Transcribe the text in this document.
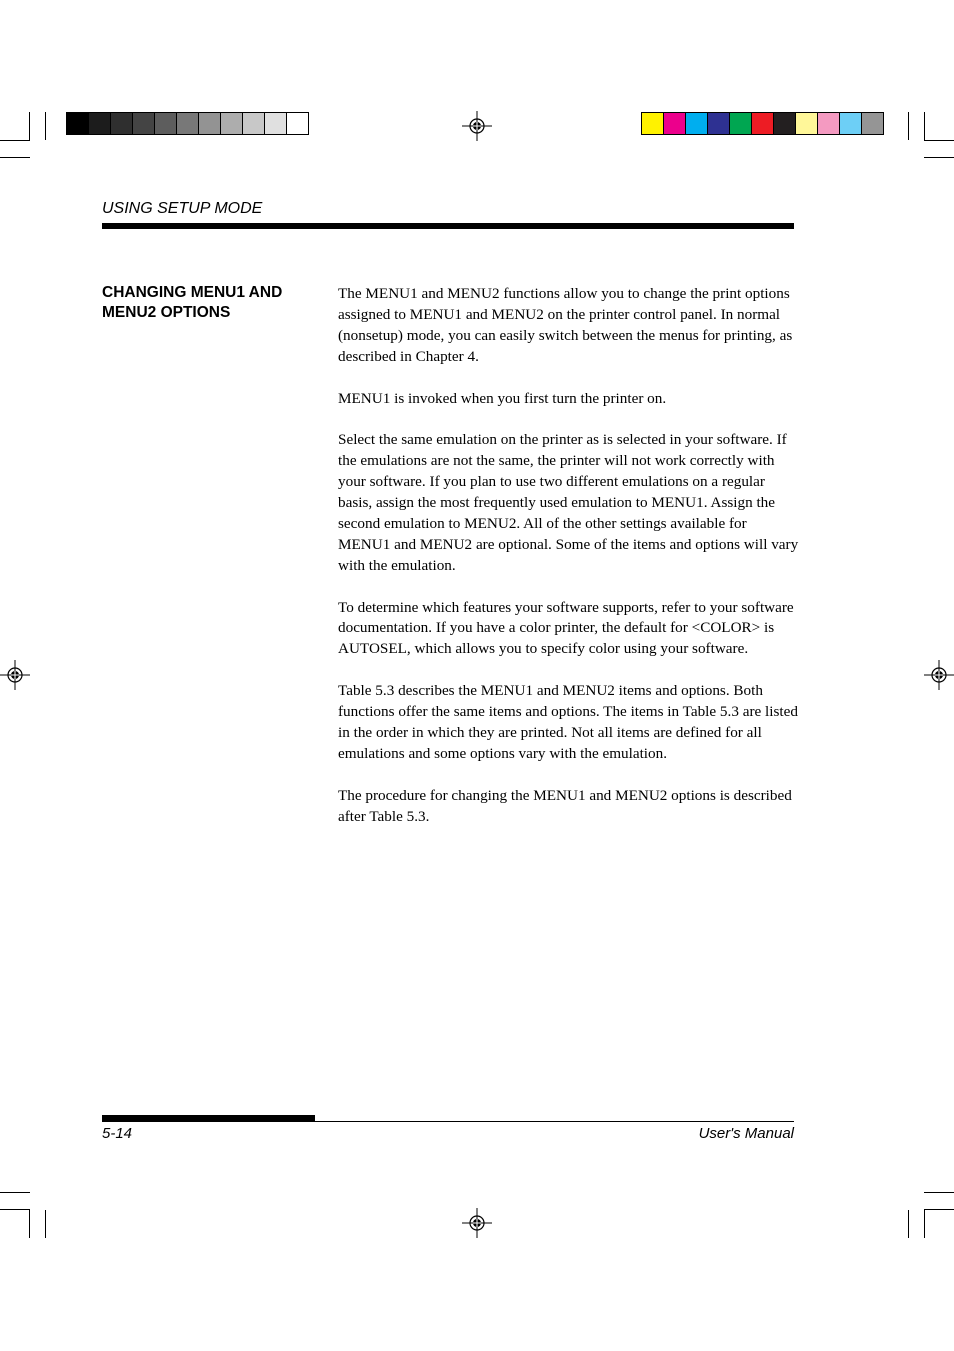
USING SETUP MODE
CHANGING MENU1 AND
MENU2 OPTIONS

The MENU1 and MENU2 functions allow you to change the print options assigned to MENU1 and MENU2 on the printer control panel. In normal (nonsetup) mode, you can easily switch between the menus for printing, as described in Chapter 4.

MENU1 is invoked when you first turn the printer on.

Select the same emulation on the printer as is selected in your software. If the emulations are not the same, the printer will not work correctly with your software. If you plan to use two different emulations on a regular basis, assign the most frequently used emulation to MENU1. Assign the second emulation to MENU2. All of the other settings available for MENU1 and MENU2 are optional. Some of the items and options will vary with the emulation.

To determine which features your software supports, refer to your software documentation. If you have a color printer, the default for <COLOR> is AUTOSEL, which allows you to specify color using your software.

Table 5.3 describes the MENU1 and MENU2 items and options. Both functions offer the same items and options. The items in Table 5.3 are listed in the order in which they are printed. Not all items are defined for all emulations and some options vary with the emulation.

The procedure for changing the MENU1 and MENU2 options is described after Table 5.3.

5-14	User's Manual
